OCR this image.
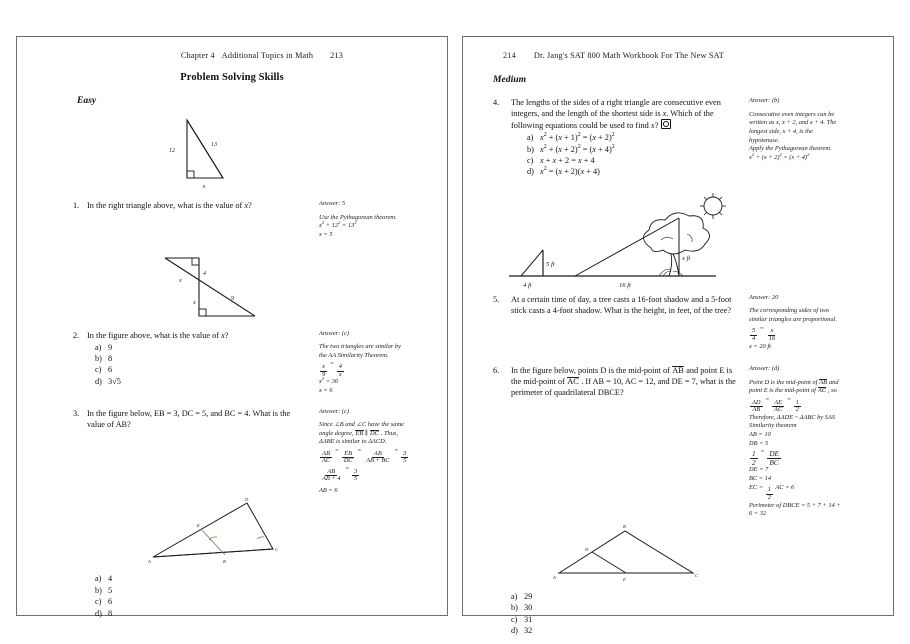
Chapter 4 Additional Topics in Math 213
Problem Solving Skills
Easy
12
13
x
1. In the right triangle above, what is the value of x?	Answer: 5

Use the Pythagorean theorem.

$x^2 + 12^2 = 13^2$

x = 5

x
4
x
9
2. In the figure above, what is the value of x?
a) 9
b) 8
c) 6
d) 3√5
Answer: (c)

The two triangles are similar by

the AA Similarity Theorem.

$\frac{x}{9}$
=
$\frac{4}{x}$

$x^2 = 36$

x = 6

3. In the figure below, EB = 3, DC = 5, and BC = 4. What is the value of AB?
Answer: (c)

Since ∠B and ∠C have the same

angle degree, EB ∥ DC . Thus,

ΔABE is similar to ΔACD.

$\frac{AB}{AC}$
=
$\frac{EB}{DC}$
=
$\frac{AB}{AB + BC}$
=
$\frac{3}{5}$

$\frac{AB}{AB + 4}$
=
$\frac{3}{5}$

AB = 6

D
E
A	B
C
a) 4
b) 5
c) 6
d) 8
214 Dr. Jang's SAT 800 Math Workbook For The New SAT
Medium
4.	The lengths of the sides of a right triangle are consecutive even integers, and the length of the shortest side is x. Which of the following equations could be used to find x?
a) $x^2 + (x + 1)^2 = (x + 2)^2$
b) $x^2 + (x + 2)^2 = (x + 4)^2$
c) x + x + 2 = x + 4
d) $x^2 = (x + 2)(x + 4)$
Answer: (b)

Consecutive even integers can be

written as x, x + 2, and x + 4. The

longest side, x + 4, is the

hypotenuse.

Apply the Pythagorean theorem.

$x^2 + (x + 2)^2 = (x + 4)^2$

5 ft
4 ft	16 ft
x ft
5.	At a certain time of day, a tree casts a 16-foot shadow and a 5-foot stick casts a 4-foot shadow. What is the height, in feet, of the tree?
Answer: 20

The corresponding sides of two

similar triangles are proportional.

$\frac{5}{4}$
=
$\frac{x}{16}$

x = 20 ft

6.	In the figure below, points D is the mid-point of AB and point E is the mid-point of AC . If AB = 10, AC = 12, and DE = 7, what is the perimeter of quadrilateral DBCE?
Answer: (d)

Point D is the mid-point of AB and

point E is the mid-point of AC , so

$\frac{AD}{AB}$
=
$\frac{AE}{AC}$
=
$\frac{1}{2}$

Therefore, ΔADE ~ ΔABC by SAS

Similarity theorem

AB = 10

DB = 5

$\frac{1}{2} = \frac{DE}{BC}$

DE = 7

BC = 14

EC =
$\frac{1}{2}$
AC = 6

Perimeter of DBCE = 5 + 7 + 14 +

6 = 32

B
D
A	E
C
a) 29
b) 30
c) 31
d) 32
